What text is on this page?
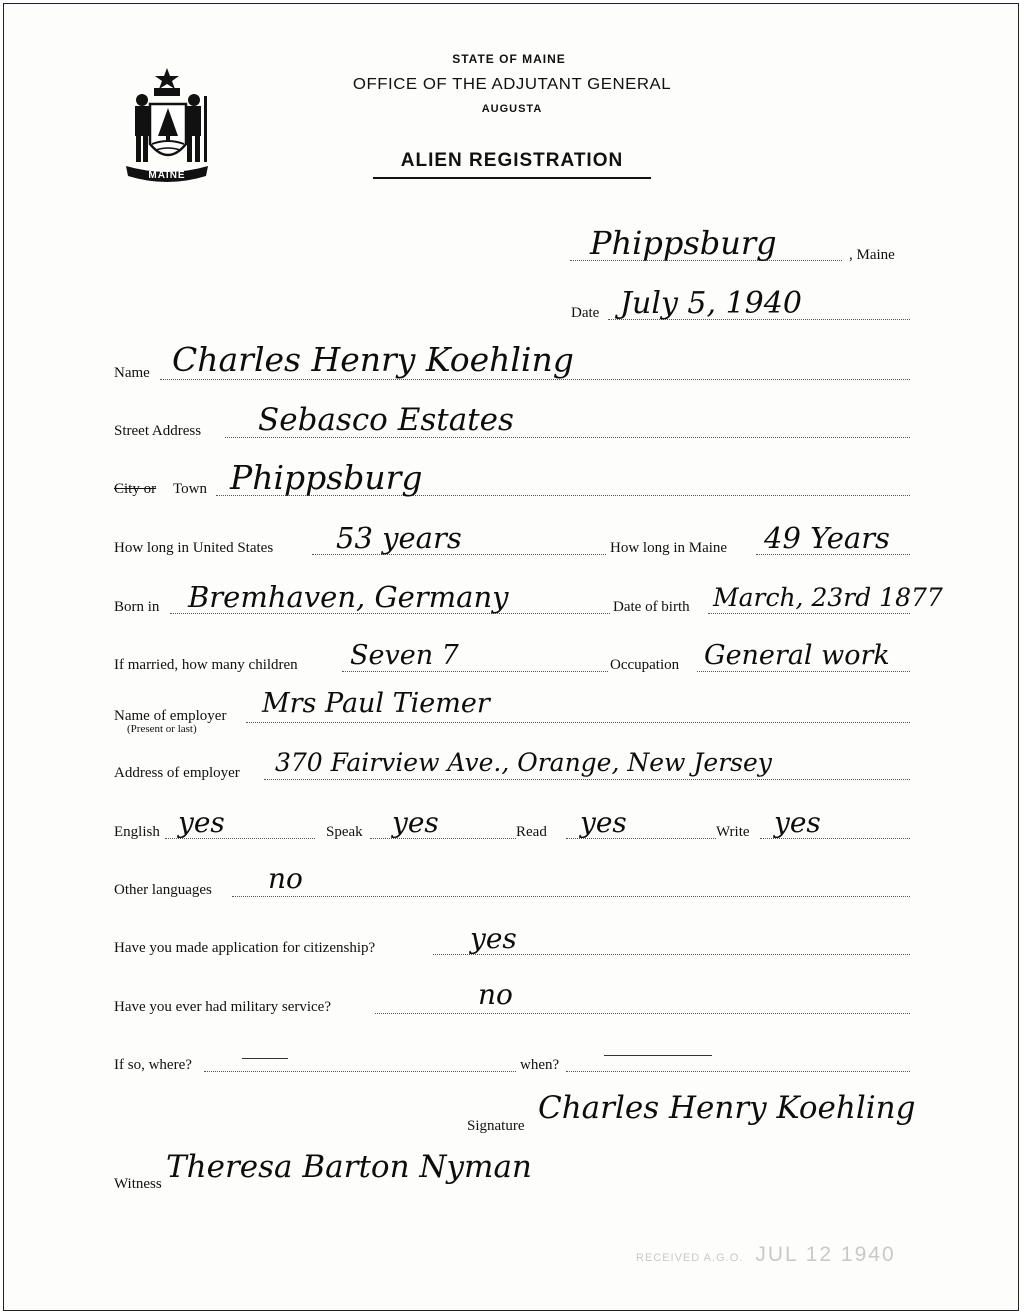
MAINE
STATE OF MAINE
OFFICE OF THE ADJUTANT GENERAL
AUGUSTA
ALIEN REGISTRATION
Phippsburg	, Maine
Date July 5, 1940
Name Charles Henry Koehling
Street Address Sebasco Estates
City or Town Phippsburg
How long in United States 53 years	How long in Maine 49 Years
Born in Bremhaven, Germany	Date of birth March, 23rd 1877
If married, how many children Seven 7	Occupation General work
Name of employer
(Present or last)
Mrs Paul Tiemer
Address of employer 370 Fairview Ave., Orange, New Jersey
English yes	Speak yes	Read yes	Write yes
Other languages no
Have you made application for citizenship?	yes
Have you ever had military service?	no
If so, where?	when?
Signature Charles Henry Koehling
Witness Theresa Barton Nyman
RECEIVED A.G.O. JUL 12 1940
